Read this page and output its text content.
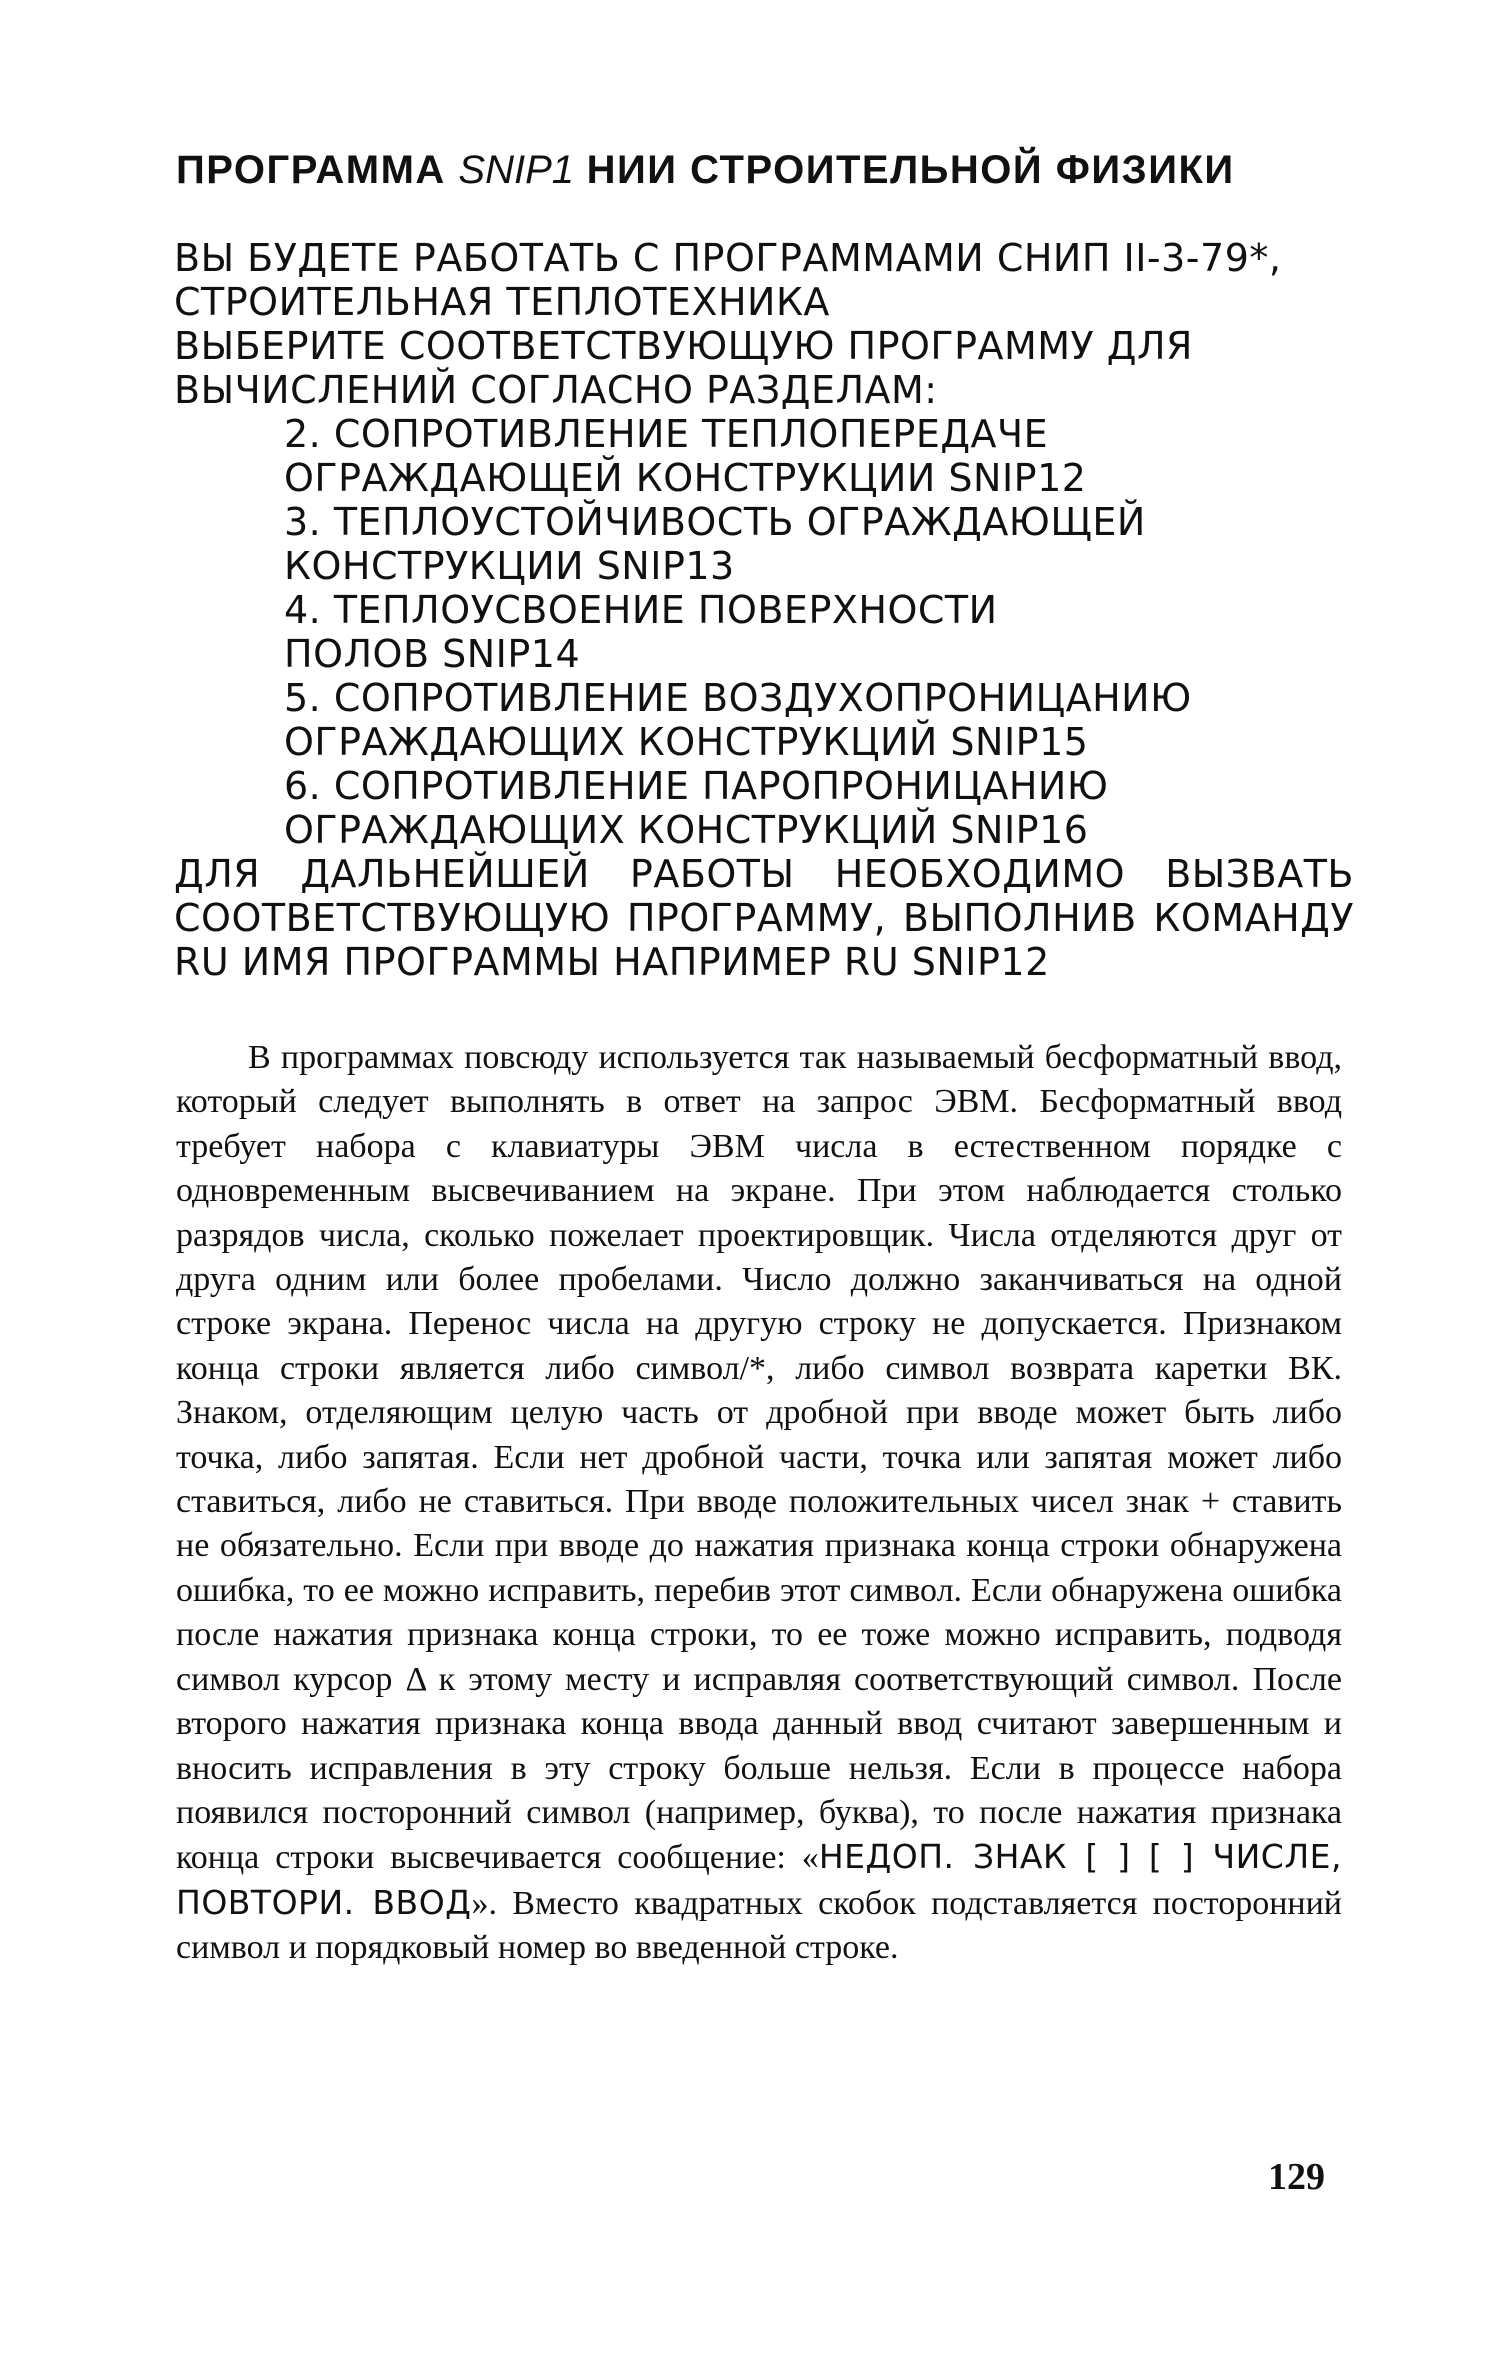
ПРОГРАММА SNIP1 НИИ СТРОИТЕЛЬНОЙ ФИЗИКИ
ВЫ БУДЕТЕ РАБОТАТЬ С ПРОГРАММАМИ СНИП II-3-79*,
СТРОИТЕЛЬНАЯ ТЕПЛОТЕХНИКА
ВЫБЕРИТЕ СООТВЕТСТВУЮЩУЮ ПРОГРАММУ ДЛЯ
ВЫЧИСЛЕНИЙ СОГЛАСНО РАЗДЕЛАМ:
2. СОПРОТИВЛЕНИЕ ТЕПЛОПЕРЕДАЧЕ
ОГРАЖДАЮЩЕЙ КОНСТРУКЦИИ SNIP12
3. ТЕПЛОУСТОЙЧИВОСТЬ ОГРАЖДАЮЩЕЙ
КОНСТРУКЦИИ SNIP13
4. ТЕПЛОУСВОЕНИЕ ПОВЕРХНОСТИ
ПОЛОВ SNIP14
5. СОПРОТИВЛЕНИЕ ВОЗДУХОПРОНИЦАНИЮ
ОГРАЖДАЮЩИХ КОНСТРУКЦИЙ SNIP15
6. СОПРОТИВЛЕНИЕ ПАРОПРОНИЦАНИЮ
ОГРАЖДАЮЩИХ КОНСТРУКЦИЙ SNIP16
ДЛЯ ДАЛЬНЕЙШЕЙ РАБОТЫ НЕОБХОДИМО ВЫЗВАТЬ
СООТВЕТСТВУЮЩУЮ ПРОГРАММУ, ВЫПОЛНИВ КОМАНДУ
RU ИМЯ ПРОГРАММЫ НАПРИМЕР RU SNIP12

В программах повсюду используется так называемый бесформатный ввод, который следует выполнять в ответ на запрос ЭВМ. Бесформатный ввод требует набора с клавиатуры ЭВМ числа в естественном порядке с одновременным высвечиванием на экране. При этом наблюдается столько разрядов числа, сколько пожелает проектировщик. Числа отделяются друг от друга одним или более пробелами. Число должно заканчиваться на одной строке экрана. Перенос числа на другую строку не допускается. Признаком конца строки является либо символ/*, либо символ возврата каретки ВК. Знаком, отделяющим целую часть от дробной при вводе может быть либо точка, либо запятая. Если нет дробной части, точка или запятая может либо ставиться, либо не ставиться. При вводе положительных чисел знак + ставить не обязательно. Если при вводе до нажатия признака конца строки обнаружена ошибка, то ее можно исправить, перебив этот символ. Если обнаружена ошибка после нажатия признака конца строки, то ее тоже можно исправить, подводя символ курсор Δ к этому месту и исправляя соответствующий символ. После второго нажатия признака конца ввода данный ввод считают завершенным и вносить исправления в эту строку больше нельзя. Если в процессе набора появился посторонний символ (например, буква), то после нажатия признака конца строки высвечивается сообщение: «НЕДОП. ЗНАК [ ] [ ] ЧИСЛЕ, ПОВТОРИ. ВВОД». Вместо квадратных скобок подставляется посторонний символ и порядковый номер во введенной строке.

129
